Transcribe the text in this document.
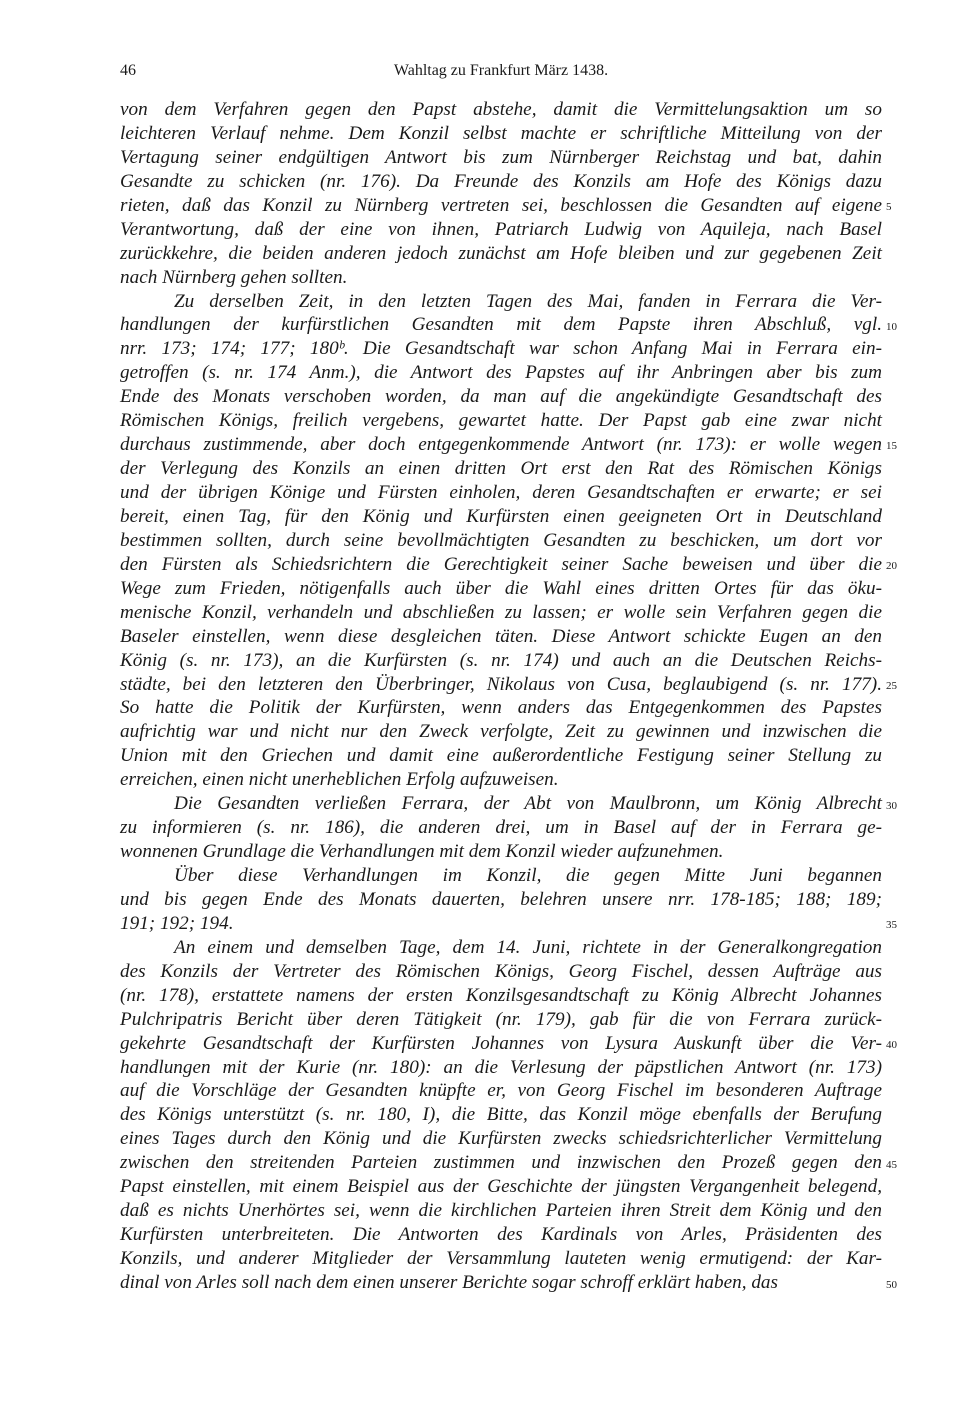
46	Wahltag zu Frankfurt März 1438.
von dem Verfahren gegen den Papst abstehe, damit die Vermittelungsaktion um so
leichteren Verlauf nehme. Dem Konzil selbst machte er schriftliche Mitteilung von der
Vertagung seiner endgültigen Antwort bis zum Nürnberger Reichstag und bat, dahin
Gesandte zu schicken (nr. 176). Da Freunde des Konzils am Hofe des Königs dazu
rieten, daß das Konzil zu Nürnberg vertreten sei, beschlossen die Gesandten auf eigene
Verantwortung, daß der eine von ihnen, Patriarch Ludwig von Aquileja, nach Basel
zurückkehre, die beiden anderen jedoch zunächst am Hofe bleiben und zur gegebenen Zeit
nach Nürnberg gehen sollten.
Zu derselben Zeit, in den letzten Tagen des Mai, fanden in Ferrara die Ver-
handlungen der kurfürstlichen Gesandten mit dem Papste ihren Abschluß, vgl.
nrr. 173; 174; 177; 180ᵇ. Die Gesandtschaft war schon Anfang Mai in Ferrara ein-
getroffen (s. nr. 174 Anm.), die Antwort des Papstes auf ihr Anbringen aber bis zum
Ende des Monats verschoben worden, da man auf die angekündigte Gesandtschaft des
Römischen Königs, freilich vergebens, gewartet hatte. Der Papst gab eine zwar nicht
durchaus zustimmende, aber doch entgegenkommende Antwort (nr. 173): er wolle wegen
der Verlegung des Konzils an einen dritten Ort erst den Rat des Römischen Königs
und der übrigen Könige und Fürsten einholen, deren Gesandtschaften er erwarte; er sei
bereit, einen Tag, für den König und Kurfürsten einen geeigneten Ort in Deutschland
bestimmen sollten, durch seine bevollmächtigten Gesandten zu beschicken, um dort vor
den Fürsten als Schiedsrichtern die Gerechtigkeit seiner Sache beweisen und über die
Wege zum Frieden, nötigenfalls auch über die Wahl eines dritten Ortes für das öku-
menische Konzil, verhandeln und abschließen zu lassen; er wolle sein Verfahren gegen die
Baseler einstellen, wenn diese desgleichen täten. Diese Antwort schickte Eugen an den
König (s. nr. 173), an die Kurfürsten (s. nr. 174) und auch an die Deutschen Reichs-
städte, bei den letzteren den Überbringer, Nikolaus von Cusa, beglaubigend (s. nr. 177).
So hatte die Politik der Kurfürsten, wenn anders das Entgegenkommen des Papstes
aufrichtig war und nicht nur den Zweck verfolgte, Zeit zu gewinnen und inzwischen die
Union mit den Griechen und damit eine außerordentliche Festigung seiner Stellung zu
erreichen, einen nicht unerheblichen Erfolg aufzuweisen.
Die Gesandten verließen Ferrara, der Abt von Maulbronn, um König Albrecht
zu informieren (s. nr. 186), die anderen drei, um in Basel auf der in Ferrara ge-
wonnenen Grundlage die Verhandlungen mit dem Konzil wieder aufzunehmen.
Über diese Verhandlungen im Konzil, die gegen Mitte Juni begannen
und bis gegen Ende des Monats dauerten, belehren unsere nrr. 178-185; 188; 189;
191; 192; 194.
An einem und demselben Tage, dem 14. Juni, richtete in der Generalkongregation
des Konzils der Vertreter des Römischen Königs, Georg Fischel, dessen Aufträge aus
(nr. 178), erstattete namens der ersten Konzilsgesandtschaft zu König Albrecht Johannes
Pulchripatris Bericht über deren Tätigkeit (nr. 179), gab für die von Ferrara zurück-
gekehrte Gesandtschaft der Kurfürsten Johannes von Lysura Auskunft über die Ver-
handlungen mit der Kurie (nr. 180): an die Verlesung der päpstlichen Antwort (nr. 173)
auf die Vorschläge der Gesandten knüpfte er, von Georg Fischel im besonderen Auftrage
des Königs unterstützt (s. nr. 180, I), die Bitte, das Konzil möge ebenfalls der Berufung
eines Tages durch den König und die Kurfürsten zwecks schiedsrichterlicher Vermittelung
zwischen den streitenden Parteien zustimmen und inzwischen den Prozeß gegen den
Papst einstellen, mit einem Beispiel aus der Geschichte der jüngsten Vergangenheit belegend,
daß es nichts Unerhörtes sei, wenn die kirchlichen Parteien ihren Streit dem König und den
Kurfürsten unterbreiteten. Die Antworten des Kardinals von Arles, Präsidenten des
Konzils, und anderer Mitglieder der Versammlung lauteten wenig ermutigend: der Kar-
dinal von Arles soll nach dem einen unserer Berichte sogar schroff erklärt haben, das
5
10
15
20
25
30
35
40
45
50
